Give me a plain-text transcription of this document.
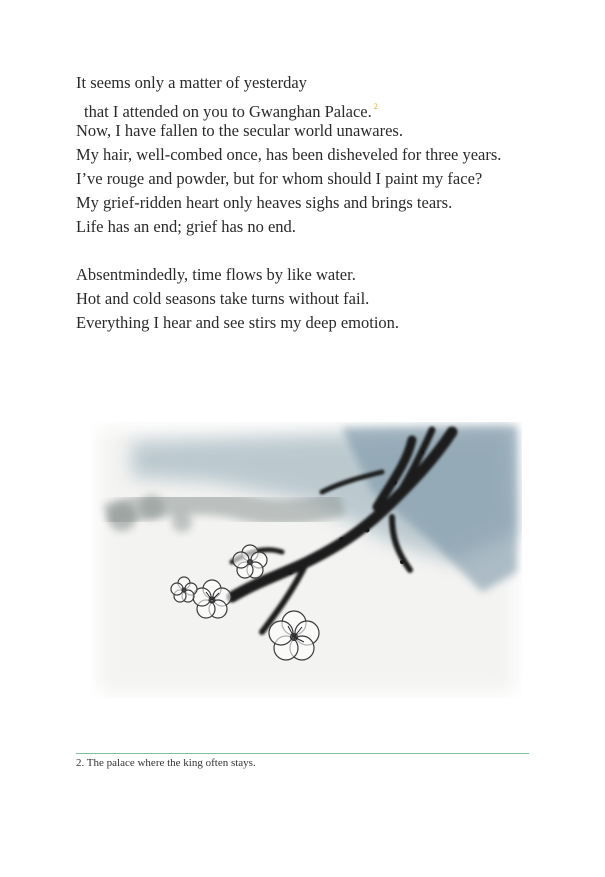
It seems only a matter of yesterday
that I attended on you to Gwanghan Palace. $^2$
Now, I have fallen to the secular world unawares.
My hair, well-combed once, has been disheveled for three years.
I’ve rouge and powder, but for whom should I paint my face?
My grief-ridden heart only heaves sighs and brings tears.
Life has an end; grief has no end.
Absentmindedly, time flows by like water.
Hot and cold seasons take turns without fail.
Everything I hear and see stirs my deep emotion.
2. The palace where the king often stays.
